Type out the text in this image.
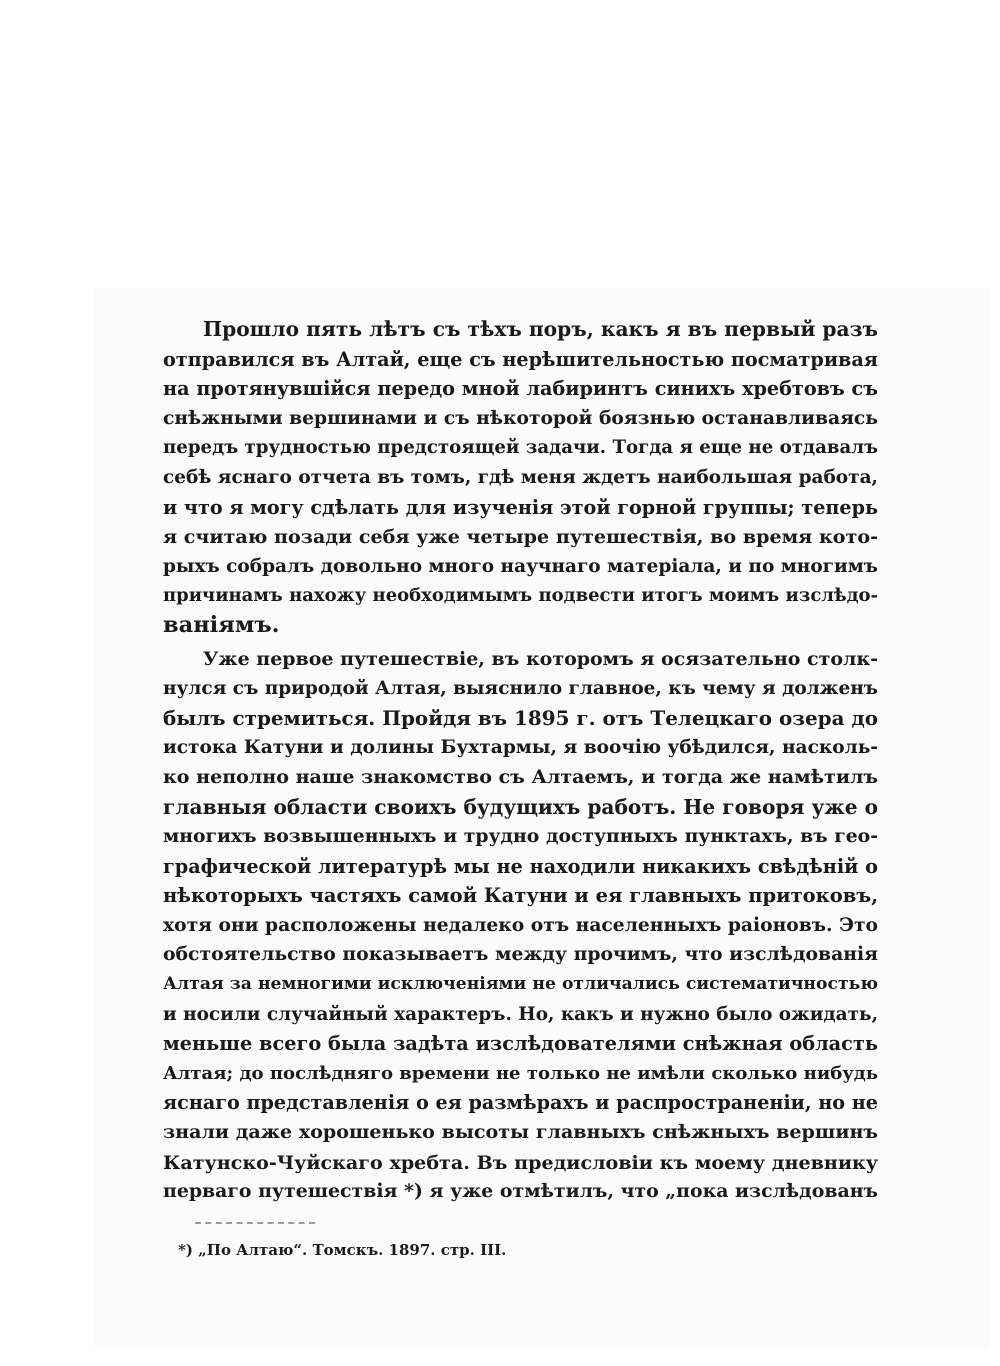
Прошло пять лѣтъ съ тѣхъ поръ, какъ я въ первый разъ
отправился въ Алтай, еще съ нерѣшительностью посматривая
на протянувшійся передо мной лабиринтъ синихъ хребтовъ съ
снѣжными вершинами и съ нѣкоторой боязнью останавливаясь
передъ трудностью предстоящей задачи. Тогда я еще не отдавалъ
себѣ яснаго отчета въ томъ, гдѣ меня ждетъ наибольшая работа,
и что я могу сдѣлать для изученія этой горной группы; теперь
я считаю позади себя уже четыре путешествія, во время кото-
рыхъ собралъ довольно много научнаго матеріала, и по многимъ
причинамъ нахожу необходимымъ подвести итогъ моимъ изслѣдо-
ваніямъ.
Уже первое путешествіе, въ которомъ я осязательно столк-
нулся съ природой Алтая, выяснило главное, къ чему я долженъ
былъ стремиться. Пройдя въ 1895 г. отъ Телецкаго озера до
истока Катуни и долины Бухтармы, я воочію убѣдился, насколь-
ко неполно наше знакомство съ Алтаемъ, и тогда же намѣтилъ
главныя области своихъ будущихъ работъ. Не говоря уже о
многихъ возвышенныхъ и трудно доступныхъ пунктахъ, въ гео-
графической литературѣ мы не находили никакихъ свѣдѣній о
нѣкоторыхъ частяхъ самой Катуни и ея главныхъ притоковъ,
хотя они расположены недалеко отъ населенныхъ раіоновъ. Это
обстоятельство показываетъ между прочимъ, что изслѣдованія
Алтая за немногими исключеніями не отличались систематичностью
и носили случайный характеръ. Но, какъ и нужно было ожидать,
меньше всего была задѣта изслѣдователями снѣжная область
Алтая; до послѣдняго времени не только не имѣли сколько нибудь
яснаго представленія о ея размѣрахъ и распространеніи, но не
знали даже хорошенько высоты главныхъ снѣжныхъ вершинъ
Катунско-Чуйскаго хребта. Въ предисловіи къ моему дневнику
перваго путешествія *) я уже отмѣтилъ, что „пока изслѣдованъ
*) „По Алтаю“. Томскъ. 1897. стр. III.
